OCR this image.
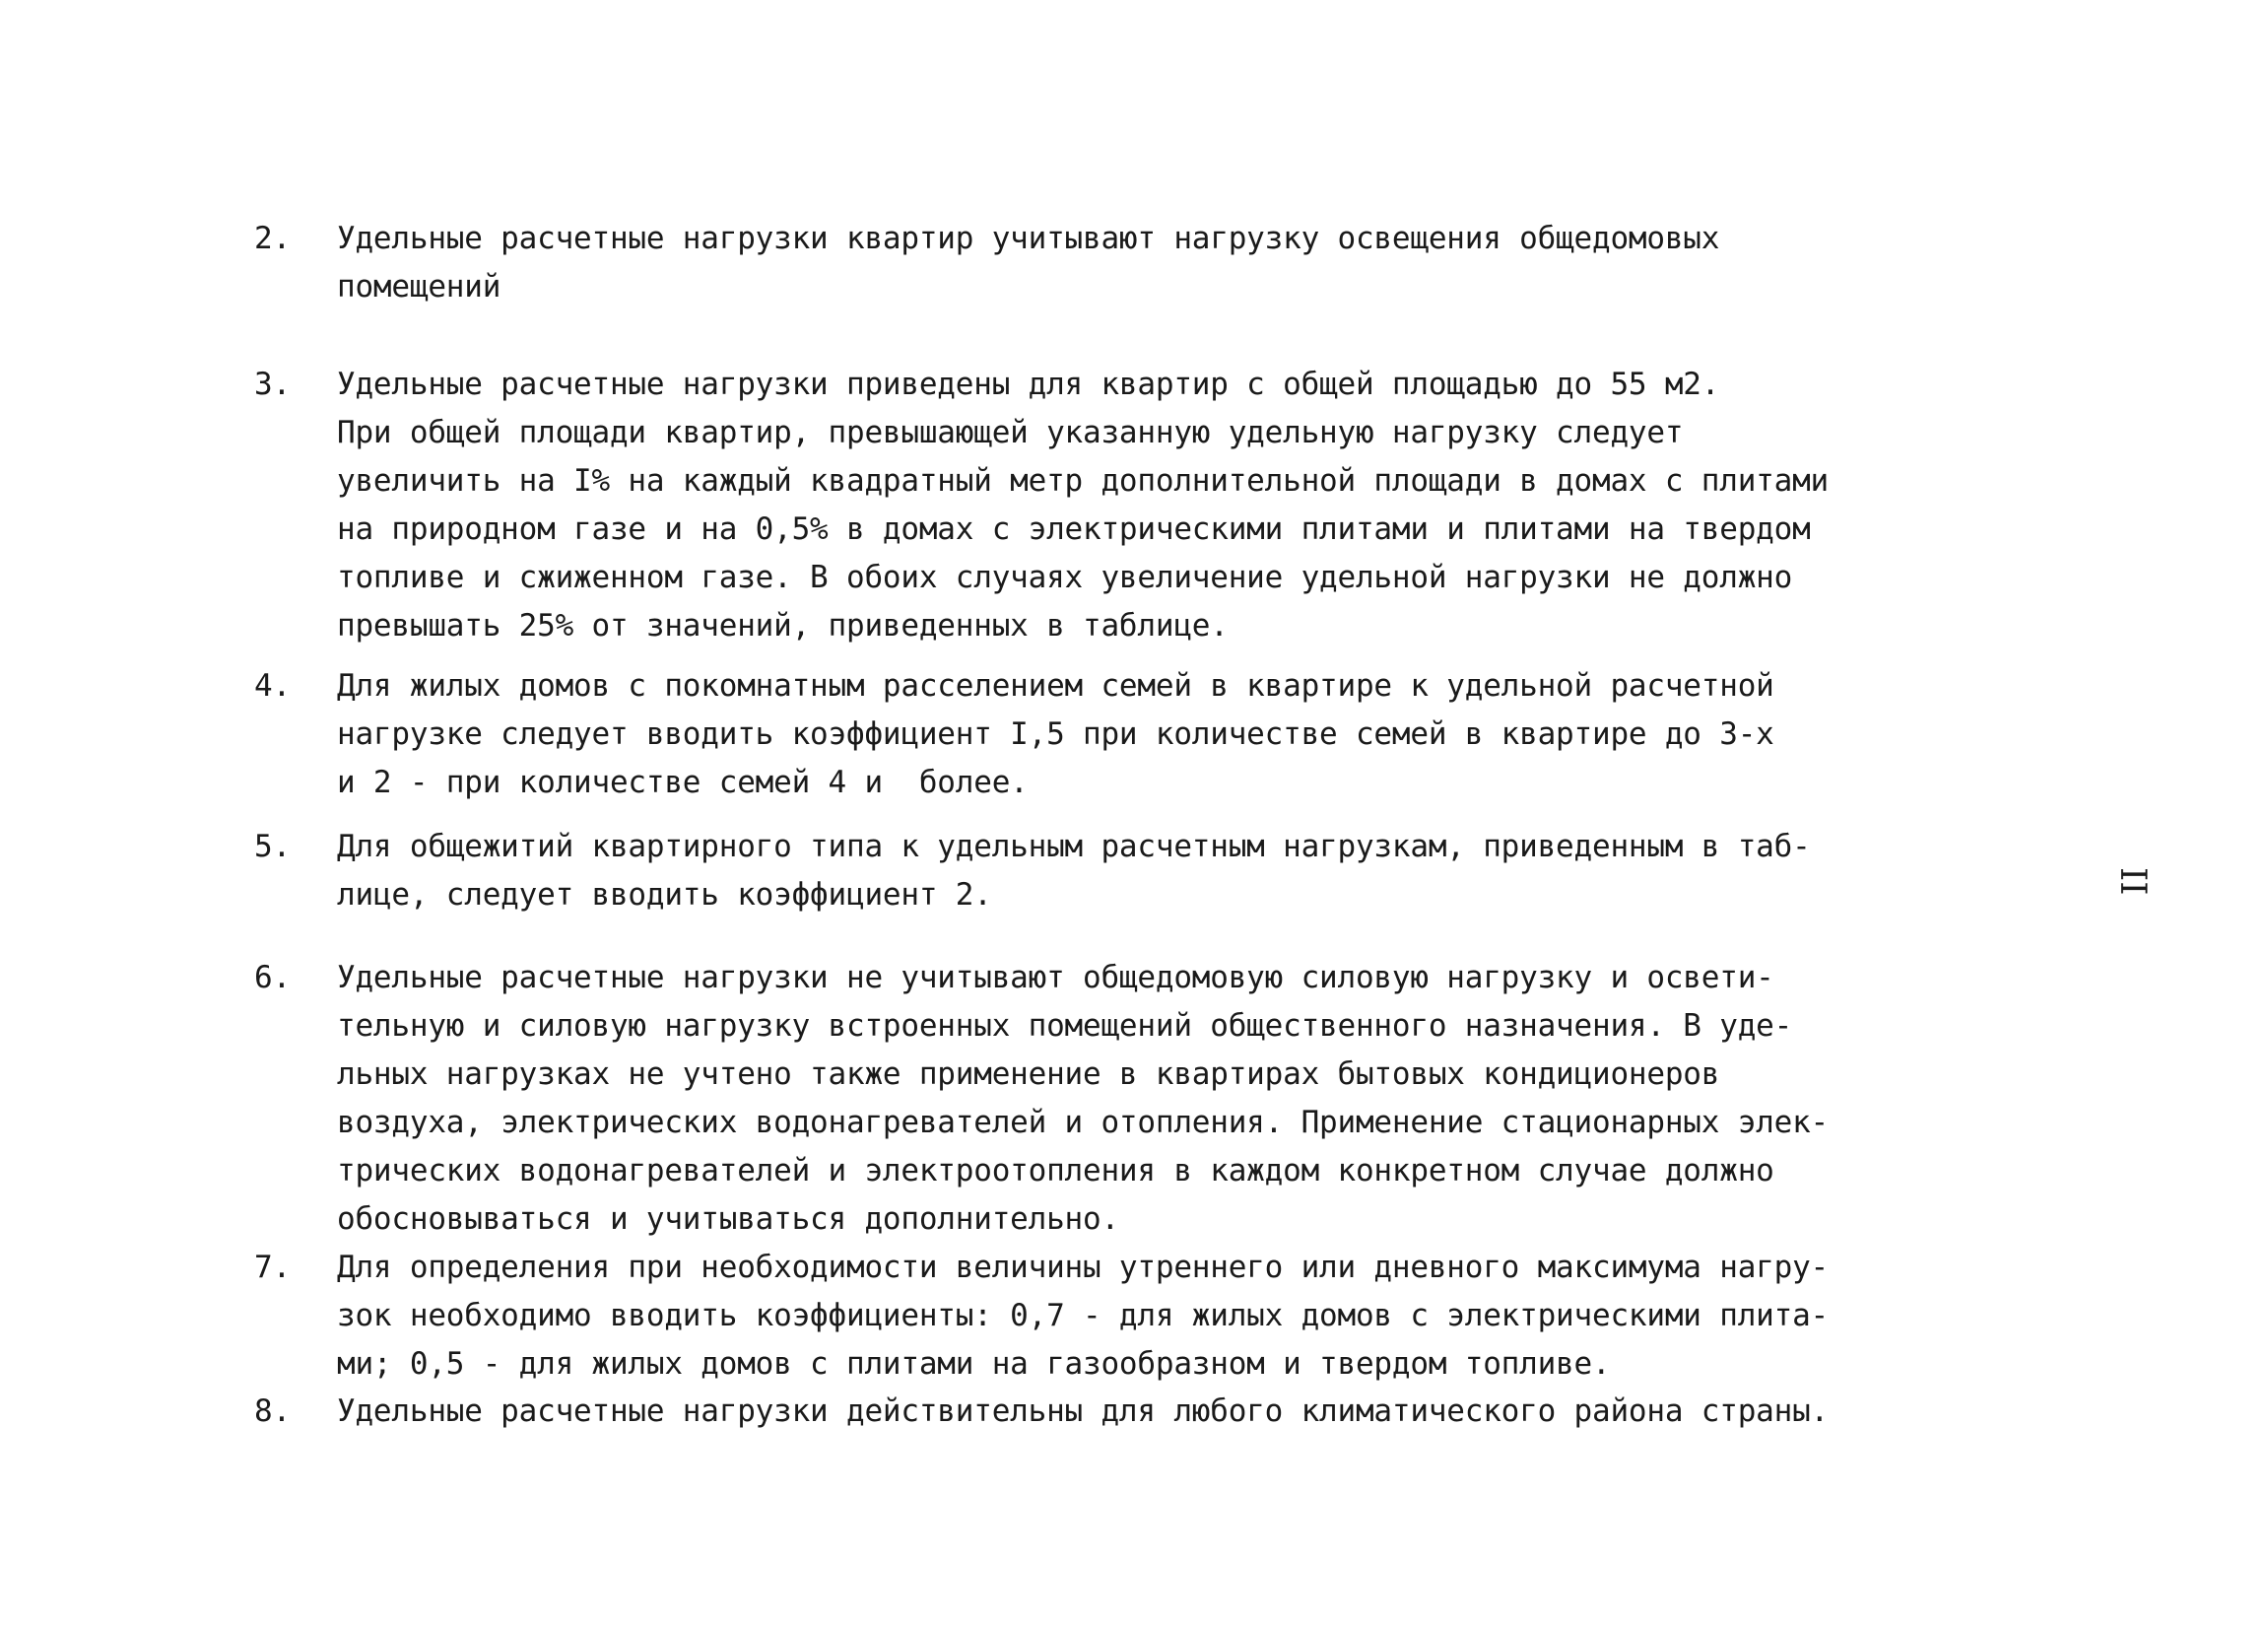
2.	Удельные расчетные нагрузки квартир учитывают нагрузку освещения общедомовых
помещений
3.	Удельные расчетные нагрузки приведены для квартир с общей площадью до 55 м2.
При общей площади квартир, превышающей указанную удельную нагрузку следует
увеличить на I% на каждый квадратный метр дополнительной площади в домах с плитами
на природном газе и на 0,5% в домах с электрическими плитами и плитами на твердом
топливе и сжиженном газе. В обоих случаях увеличение удельной нагрузки не должно
превышать 25% от значений, приведенных в таблице.
4.	Для жилых домов с покомнатным расселением семей в квартире к удельной расчетной
нагрузке следует вводить коэффициент I,5 при количестве семей в квартире до 3-х
и 2 - при количестве семей 4 и  более.
5.	Для общежитий квартирного типа к удельным расчетным нагрузкам, приведенным в таб-
лице, следует вводить коэффициент 2.
6.	Удельные расчетные нагрузки не учитывают общедомовую силовую нагрузку и освети-
тельную и силовую нагрузку встроенных помещений общественного назначения. В уде-
льных нагрузках не учтено также применение в квартирах бытовых кондиционеров
воздуха, электрических водонагревателей и отопления. Применение стационарных элек-
трических водонагревателей и электроотопления в каждом конкретном случае должно
обосновываться и учитываться дополнительно.
7.	Для определения при необходимости величины утреннего или дневного максимума нагру-
зок необходимо вводить коэффициенты: 0,7 - для жилых домов с электрическими плита-
ми; 0,5 - для жилых домов с плитами на газообразном и твердом топливе.
8.	Удельные расчетные нагрузки действительны для любого климатического района страны.
II
